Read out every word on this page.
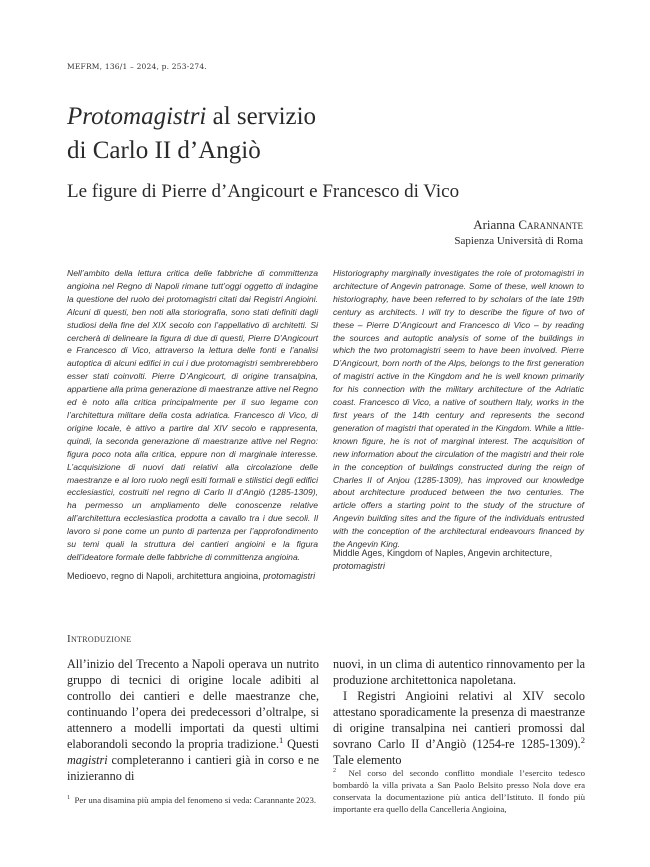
MEFRM, 136/1 – 2024, p. 253-274.
Protomagistri al servizio
di Carlo II d’Angiò
Le figure di Pierre d’Angicourt e Francesco di Vico
Arianna Carannante
Sapienza Università di Roma

Nell’ambito della lettura critica delle fabbriche di committenza angioina nel Regno di Napoli rimane tutt’oggi oggetto di indagine la questione del ruolo dei protomagistri citati dai Registri Angioini. Alcuni di questi, ben noti alla storiografia, sono stati definiti dagli studiosi della fine del XIX secolo con l’appellativo di architetti. Si cercherà di delineare la figura di due di questi, Pierre D’Angicourt e Francesco di Vico, attraverso la lettura delle fonti e l’analisi autoptica di alcuni edifici in cui i due protomagistri sembrerebbero esser stati coinvolti. Pierre D’Angicourt, di origine transalpina, appartiene alla prima generazione di maestranze attive nel Regno ed è noto alla critica principalmente per il suo legame con l’architettura militare della costa adriatica. Francesco di Vico, di origine locale, è attivo a partire dal XIV secolo e rappresenta, quindi, la seconda generazione di maestranze attive nel Regno: figura poco nota alla critica, eppure non di marginale interesse. L’acquisizione di nuovi dati relativi alla circolazione delle maestranze e al loro ruolo negli esiti formali e stilistici degli edifici ecclesiastici, costruiti nel regno di Carlo II d’Angiò (1285-1309), ha permesso un ampliamento delle conoscenze relative all’architettura ecclesiastica prodotta a cavallo tra i due secoli. Il lavoro si pone come un punto di partenza per l’approfondimento su temi quali la struttura dei cantieri angioini e la figura dell’ideatore formale delle fabbriche di committenza angioina.

Medioevo, regno di Napoli, architettura angioina, protomagistri

Historiography marginally investigates the role of protomagistri in architecture of Angevin patronage. Some of these, well known to historiography, have been referred to by scholars of the late 19th century as architects. I will try to describe the figure of two of these – Pierre D’Angicourt and Francesco di Vico – by reading the sources and autoptic analysis of some of the buildings in which the two protomagistri seem to have been involved. Pierre D’Angicourt, born north of the Alps, belongs to the first generation of magistri active in the Kingdom and he is well known primarily for his connection with the military architecture of the Adriatic coast. Francesco di Vico, a native of southern Italy, works in the first years of the 14th century and represents the second generation of magistri that operated in the Kingdom. While a little-known figure, he is not of marginal interest. The acquisition of new information about the circulation of the magistri and their role in the conception of buildings constructed during the reign of Charles II of Anjou (1285-1309), has improved our knowledge about architecture produced between the two centuries. The article offers a starting point to the study of the structure of Angevin building sites and the figure of the individuals entrusted with the conception of the architectural endeavours financed by the Angevin King.

Middle Ages, Kingdom of Naples, Angevin architecture, protomagistri
Introduzione

All’inizio del Trecento a Napoli operava un nutrito gruppo di tecnici di origine locale adibiti al controllo dei cantieri e delle maestranze che, continuando l’opera dei predecessori d’oltralpe, si attennero a modelli importati da questi ultimi elaborandoli secondo la propria tradizione.$^1$ Questi magistri completeranno i cantieri già in corso e ne inizieranno di

nuovi, in un clima di autentico rinnovamento per la produzione architettonica napoletana.

I Registri Angioini relativi al XIV secolo attestano sporadicamente la presenza di maestranze di origine transalpina nei cantieri promossi dal sovrano Carlo II d’Angiò (1254-re 1285-1309).$^2$ Tale elemento

$^1$ Per una disamina più ampia del fenomeno si veda: Carannante 2023.

$^2$ Nel corso del secondo conflitto mondiale l’esercito tedesco bombardò la villa privata a San Paolo Belsito presso Nola dove era conservata la documentazione più antica dell’Istituto. Il fondo più importante era quello della Cancelleria Angioina,
